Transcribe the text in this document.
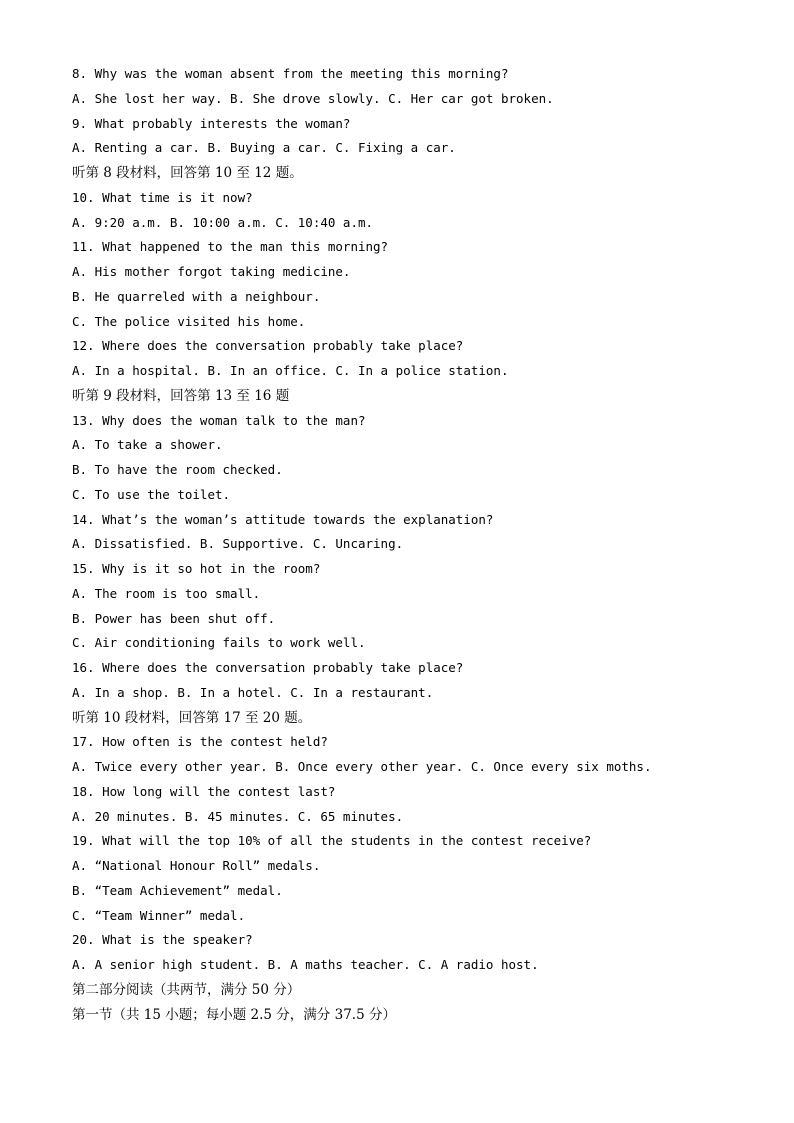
8. Why was the woman absent from the meeting this morning?
A. She lost her way. B. She drove slowly. C. Her car got broken.
9. What probably interests the woman?
A. Renting a car. B. Buying a car. C. Fixing a car.
听第 8 段材料，回答第 10 至 12 题。
10. What time is it now?
A. 9:20 a.m. B. 10:00 a.m. C. 10:40 a.m.
11. What happened to the man this morning?
A. His mother forgot taking medicine.
B. He quarreled with a neighbour.
C. The police visited his home.
12. Where does the conversation probably take place?
A. In a hospital. B. In an office. C. In a police station.
听第 9 段材料，回答第 13 至 16 题
13. Why does the woman talk to the man?
A. To take a shower.
B. To have the room checked.
C. To use the toilet.
14. What’s the woman’s attitude towards the explanation?
A. Dissatisfied. B. Supportive. C. Uncaring.
15. Why is it so hot in the room?
A. The room is too small.
B. Power has been shut off.
C. Air conditioning fails to work well.
16. Where does the conversation probably take place?
A. In a shop. B. In a hotel. C. In a restaurant.
听第 10 段材料，回答第 17 至 20 题。
17. How often is the contest held?
A. Twice every other year. B. Once every other year. C. Once every six moths.
18. How long will the contest last?
A. 20 minutes. B. 45 minutes. C. 65 minutes.
19. What will the top 10% of all the students in the contest receive?
A. “National Honour Roll” medals.
B. “Team Achievement” medal.
C. “Team Winner” medal.
20. What is the speaker?
A. A senior high student. B. A maths teacher. C. A radio host.
第二部分阅读（共两节，满分 50 分）
第一节（共 15 小题；每小题 2.5 分，满分 37.5 分）
